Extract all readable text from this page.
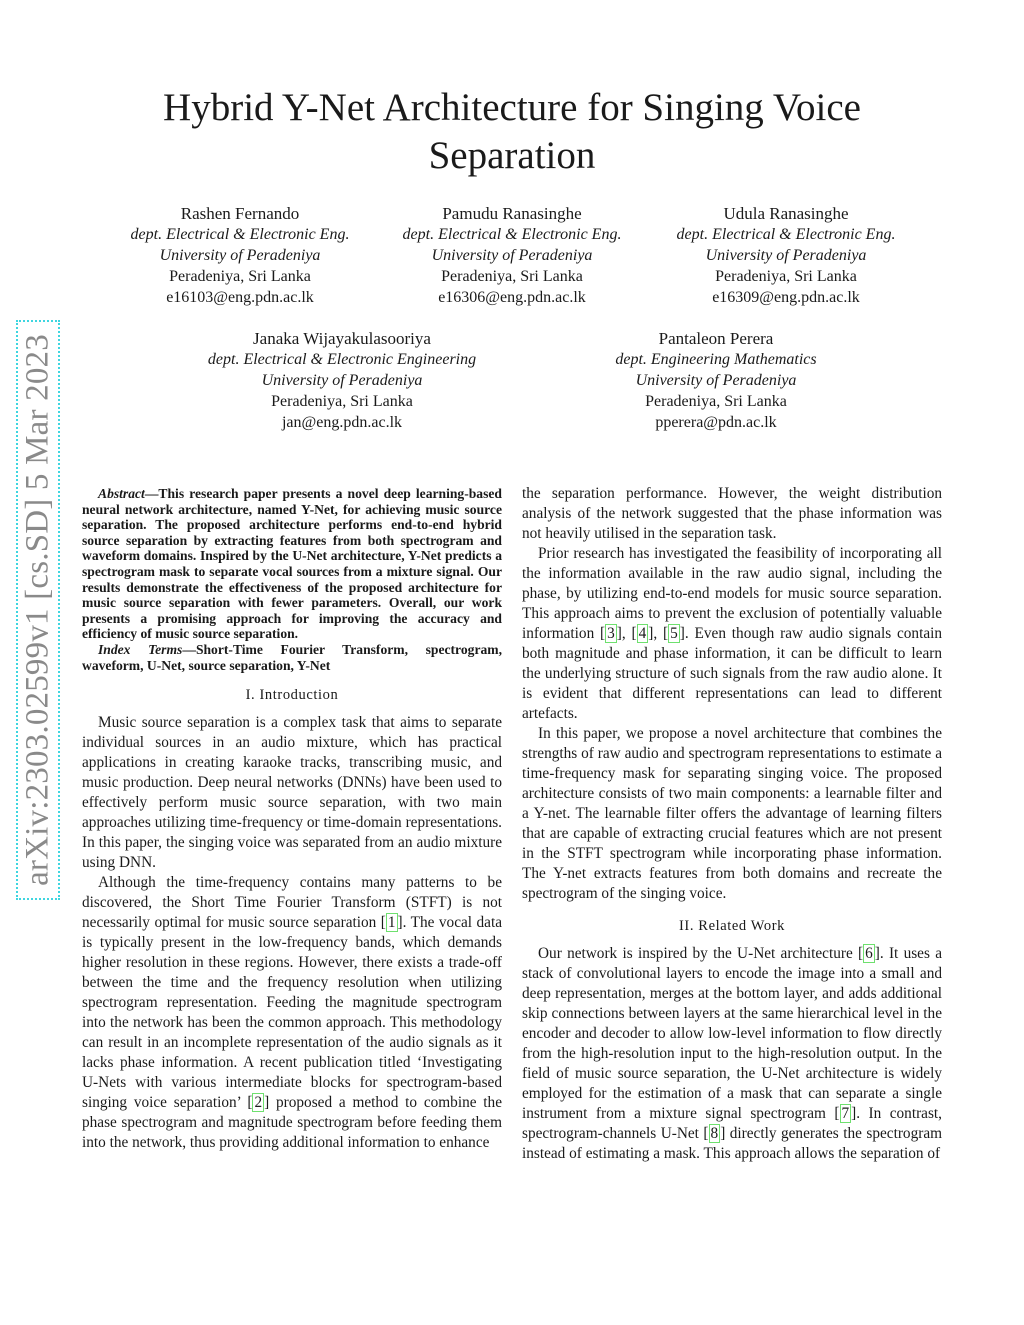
arXiv:2303.02599v1 [cs.SD] 5 Mar 2023
Hybrid Y-Net Architecture for Singing Voice Separation
Rashen Fernando
dept. Electrical & Electronic Eng.
University of Peradeniya
Peradeniya, Sri Lanka
e16103@eng.pdn.ac.lk
Pamudu Ranasinghe
dept. Electrical & Electronic Eng.
University of Peradeniya
Peradeniya, Sri Lanka
e16306@eng.pdn.ac.lk
Udula Ranasinghe
dept. Electrical & Electronic Eng.
University of Peradeniya
Peradeniya, Sri Lanka
e16309@eng.pdn.ac.lk
Janaka Wijayakulasooriya
dept. Electrical & Electronic Engineering
University of Peradeniya
Peradeniya, Sri Lanka
jan@eng.pdn.ac.lk
Pantaleon Perera
dept. Engineering Mathematics
University of Peradeniya
Peradeniya, Sri Lanka
pperera@pdn.ac.lk

Abstract—This research paper presents a novel deep learning-based neural network architecture, named Y-Net, for achieving music source separation. The proposed architecture performs end-to-end hybrid source separation by extracting features from both spectrogram and waveform domains. Inspired by the U-Net architecture, Y-Net predicts a spectrogram mask to separate vocal sources from a mixture signal. Our results demonstrate the effectiveness of the proposed architecture for music source separation with fewer parameters. Overall, our work presents a promising approach for improving the accuracy and efficiency of music source separation.

Index Terms—Short-Time Fourier Transform, spectrogram, waveform, U-Net, source separation, Y-Net

I. Introduction

Music source separation is a complex task that aims to separate individual sources in an audio mixture, which has practical applications in creating karaoke tracks, transcribing music, and music production. Deep neural networks (DNNs) have been used to effectively perform music source separation, with two main approaches utilizing time-frequency or time-domain representations. In this paper, the singing voice was separated from an audio mixture using DNN.

Although the time-frequency contains many patterns to be discovered, the Short Time Fourier Transform (STFT) is not necessarily optimal for music source separation [ 1 ]. The vocal data is typically present in the low-frequency bands, which demands higher resolution in these regions. However, there exists a trade-off between the time and the frequency resolution when utilizing spectrogram representation. Feeding the magnitude spectrogram into the network has been the common approach. This methodology can result in an incomplete representation of the audio signals as it lacks phase information. A recent publication titled ‘Investigating U-Nets with various intermediate blocks for spectrogram-based singing voice separation’ [ 2 ] proposed a method to combine the phase spectrogram and magnitude spectrogram before feeding them into the network, thus providing additional information to enhance

the separation performance. However, the weight distribution analysis of the network suggested that the phase information was not heavily utilised in the separation task.

Prior research has investigated the feasibility of incorporating all the information available in the raw audio signal, including the phase, by utilizing end-to-end models for music source separation. This approach aims to prevent the exclusion of potentially valuable information [ 3 ], [ 4 ], [ 5 ]. Even though raw audio signals contain both magnitude and phase information, it can be difficult to learn the underlying structure of such signals from the raw audio alone. It is evident that different representations can lead to different artefacts.

In this paper, we propose a novel architecture that combines the strengths of raw audio and spectrogram representations to estimate a time-frequency mask for separating singing voice. The proposed architecture consists of two main components: a learnable filter and a Y-net. The learnable filter offers the advantage of learning filters that are capable of extracting crucial features which are not present in the STFT spectrogram while incorporating phase information. The Y-net extracts features from both domains and recreate the spectrogram of the singing voice.

II. Related Work

Our network is inspired by the U-Net architecture [ 6 ]. It uses a stack of convolutional layers to encode the image into a small and deep representation, merges at the bottom layer, and adds additional skip connections between layers at the same hierarchical level in the encoder and decoder to allow low-level information to flow directly from the high-resolution input to the high-resolution output. In the field of music source separation, the U-Net architecture is widely employed for the estimation of a mask that can separate a single instrument from a mixture signal spectrogram [ 7 ]. In contrast, spectrogram-channels U-Net [ 8 ] directly generates the spectrogram instead of estimating a mask. This approach allows the separation of
